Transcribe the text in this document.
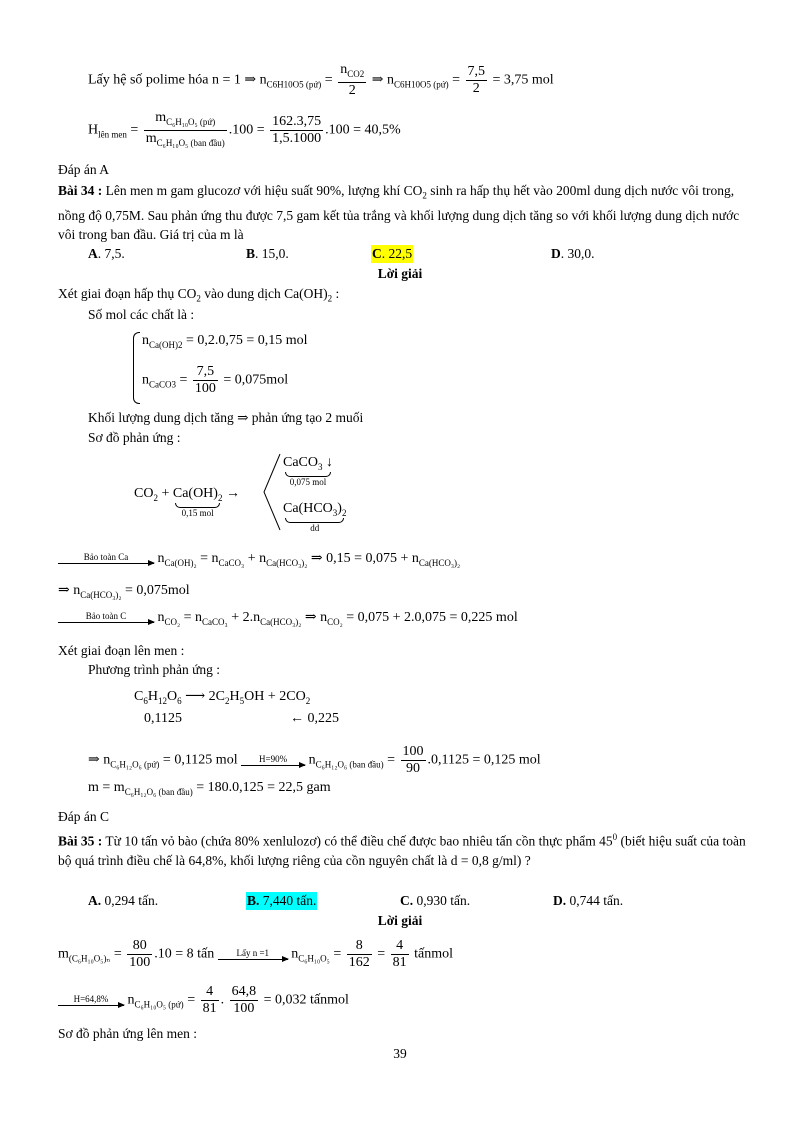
Lấy hệ số polime hóa n = 1 ⇒ $n_{C6H10O5 (pứ)} = \frac{n_{CO2}}{2}$ ⇒ $n_{C6H10O5 (pứ)} = \frac{7,5}{2} = 3,75$ mol
$H_{lên men} = \frac{m_{C_6H_{10}O_5 (pứ)}}{m_{C_6H_{10}O_5 (ban đầu)}} .100 = \frac{162.3,75}{1,5.1000} .100 = 40,5\%$
Đáp án A
Bài 34 : Lên men m gam glucozơ với hiệu suất 90%, lượng khí $CO_2$ sinh ra hấp thụ hết vào 200ml dung dịch nước vôi trong, nồng độ 0,75M. Sau phản ứng thu được 7,5 gam kết tủa trắng và khối lượng dung dịch tăng so với khối lượng dung dịch nước vôi trong ban đầu. Giá trị của m là
A. 7,5.	B. 15,0.	C. 22,5	D. 30,0.
Lời giải
Xét giai đoạn hấp thụ $CO_2$ vào dung dịch $Ca(OH)_2$ :
Số mol các chất là :
$n_{Ca(OH)2} = 0,2.0,75 = 0,15$ mol
$n_{CaCO3} = \frac{7,5}{100} = 0,075mol$
Khối lượng dung dịch tăng ⇒ phản ứng tạo 2 muối
Sơ đồ phản ứng :
$CO_2 + Ca(OH)_2$
0,15 mol
→
CaCO$_3$ ↓
0,075 mol
$Ca(HCO_3)_2$
dd
Bảo toàn Ca	$n_{Ca(OH)_2} = n_{CaCO_3} + n_{Ca(HCO_3)_2}$ ⇒ $0,15 = 0,075 + n_{Ca(HCO_3)_2}$
⇒ $n_{Ca(HCO_3)_2} = 0,075mol$
Bảo toàn C	$n_{CO_2} = n_{CaCO_3} + 2.n_{Ca(HCO_3)_2}$ ⇒ $n_{CO_2} = 0,075 + 2.0,075 = 0,225$ mol
Xét giai đoạn lên men :
Phương trình phản ứng :
$C_6H_{12}O_6$ ⟶ $2C_2H_5OH + 2CO_2$
0,1125	← 0,225
⇒ $n_{C_6H_{12}O_6 (pứ)} = 0,1125$ mol	H=90%	$n_{C_6H_{12}O_6 (ban đầu)} = \frac{100}{90} .0,1125 = 0,125$ mol
$m = m_{C_6H_{12}O_6 (ban đầu)} = 180.0,125 = 22,5$ gam
Đáp án C
Bài 35 : Từ 10 tấn vỏ bào (chứa 80% xenlulozơ) có thể điều chế được bao nhiêu tấn cồn thực phẩm $45^0$ (biết hiệu suất của toàn bộ quá trình điều chế là 64,8%, khối lượng riêng của cồn nguyên chất là d = 0,8 g/ml) ?
A. 0,294 tấn.	B. 7,440 tấn.	C. 0,930 tấn.	D. 0,744 tấn.
Lời giải
$m_{(C_6H_{10}O_5)_n} = \frac{80}{100} .10 = 8$ tấn	Lấy n =1	$n_{C_6H_{10}O_5} = \frac{8}{162} = \frac{4}{81}$ tấnmol
H=64,8%	$n_{C_6H_{10}O_5 (pứ)} = \frac{4}{81}$ . $\frac{64,8}{100} = 0,032$ tấnmol
Sơ đồ phản ứng lên men :
39
